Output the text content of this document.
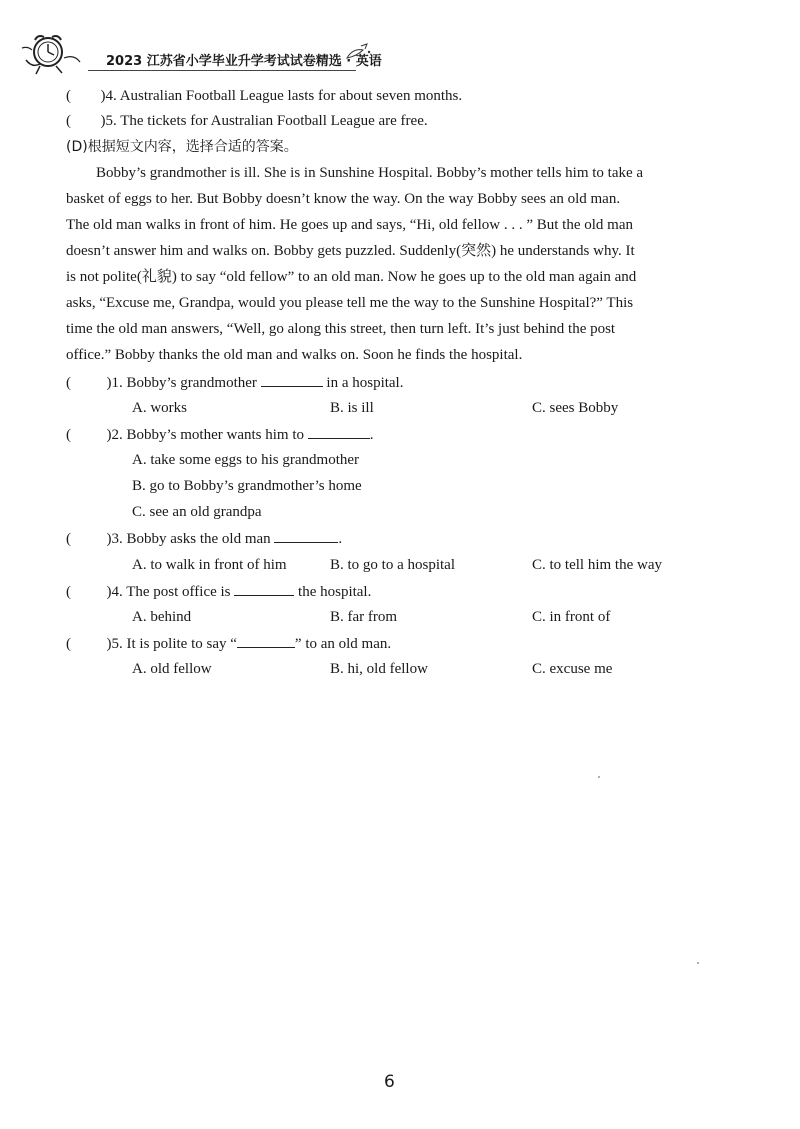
2023 江苏省小学毕业升学考试试卷精选 · 英语
( )4. Australian Football League lasts for about seven months.
( )5. The tickets for Australian Football League are free.
(D)根据短文内容，选择合适的答案。
Bobby’s grandmother is ill. She is in Sunshine Hospital. Bobby’s mother tells him to take a
basket of eggs to her. But Bobby doesn’t know the way. On the way Bobby sees an old man.
The old man walks in front of him. He goes up and says, “Hi, old fellow . . . ” But the old man
doesn’t answer him and walks on. Bobby gets puzzled. Suddenly(突然) he understands why. It
is not polite(礼貌) to say “old fellow” to an old man. Now he goes up to the old man again and
asks, “Excuse me, Grandpa, would you please tell me the way to the Sunshine Hospital?” This
time the old man answers, “Well, go along this street, then turn left. It’s just behind the post
office.” Bobby thanks the old man and walks on. Soon he finds the hospital.
( )1. Bobby’s grandmother	in a hospital.
A. works	B. is ill	C. sees Bobby
( )2. Bobby’s mother wants him to	.
A. take some eggs to his grandmother
B. go to Bobby’s grandmother’s home
C. see an old grandpa
( )3. Bobby asks the old man	.
A. to walk in front of him	B. to go to a hospital	C. to tell him the way
( )4. The post office is	the hospital.
A. behind	B. far from	C. in front of
( )5. It is polite to say “	” to an old man.
A. old fellow	B. hi, old fellow	C. excuse me
6
